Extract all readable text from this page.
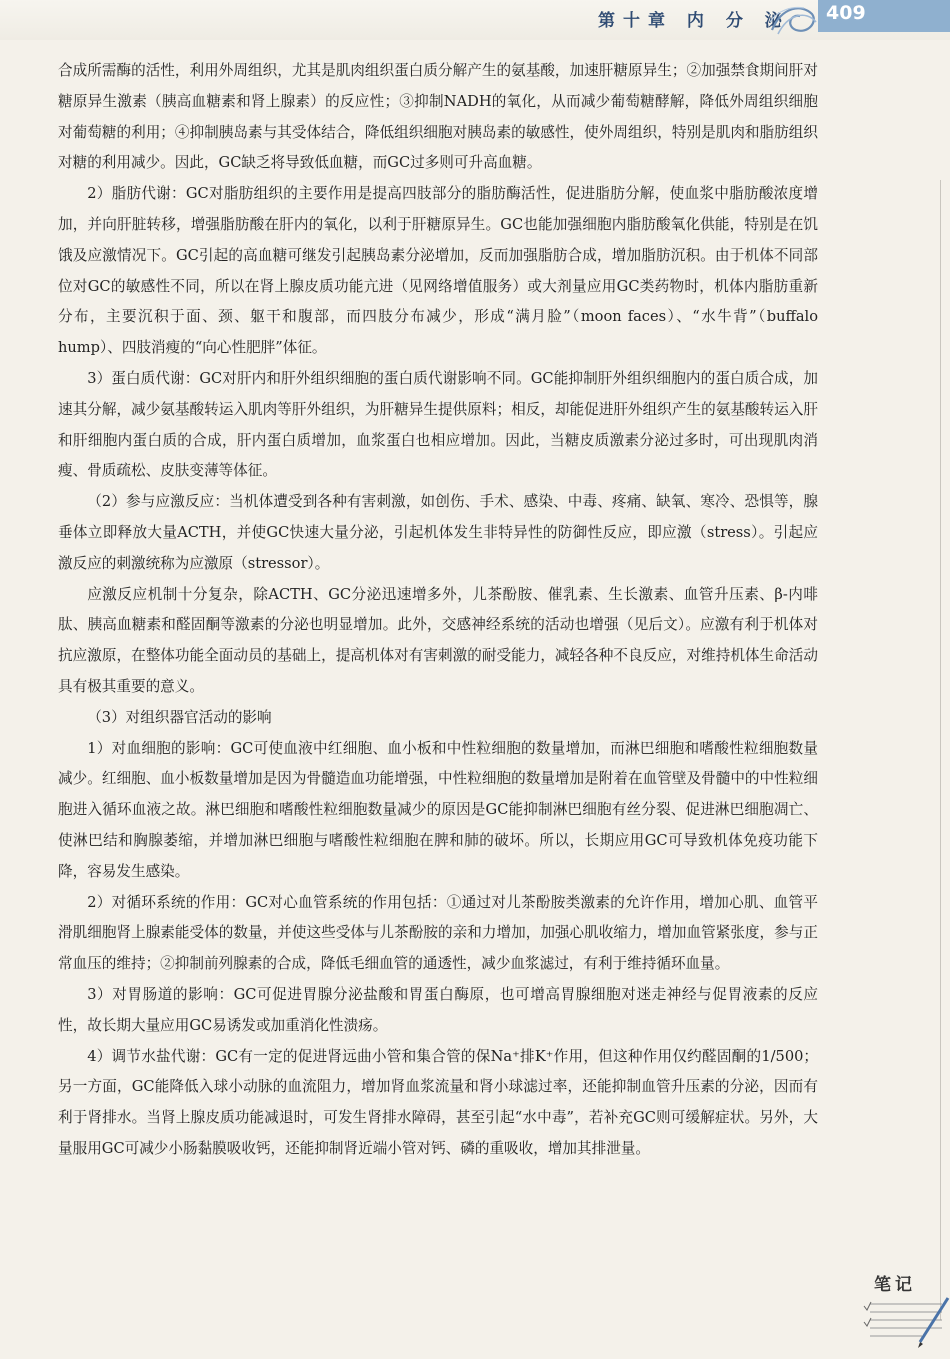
第十章 内 分 泌 409

合成所需酶的活性，利用外周组织，尤其是肌肉组织蛋白质分解产生的氨基酸，加速肝糖原异生；②加强禁食期间肝对糖原异生激素（胰高血糖素和肾上腺素）的反应性；③抑制NADH的氧化，从而减少葡萄糖酵解，降低外周组织细胞对葡萄糖的利用；④抑制胰岛素与其受体结合，降低组织细胞对胰岛素的敏感性，使外周组织，特别是肌肉和脂肪组织对糖的利用减少。因此，GC缺乏将导致低血糖，而GC过多则可升高血糖。

2）脂肪代谢：GC对脂肪组织的主要作用是提高四肢部分的脂肪酶活性，促进脂肪分解，使血浆中脂肪酸浓度增加，并向肝脏转移，增强脂肪酸在肝内的氧化，以利于肝糖原异生。GC也能加强细胞内脂肪酸氧化供能，特别是在饥饿及应激情况下。GC引起的高血糖可继发引起胰岛素分泌增加，反而加强脂肪合成，增加脂肪沉积。由于机体不同部位对GC的敏感性不同，所以在肾上腺皮质功能亢进（见网络增值服务）或大剂量应用GC类药物时，机体内脂肪重新分布，主要沉积于面、颈、躯干和腹部，而四肢分布减少，形成“满月脸”（moon faces）、“水牛背”（buffalo hump）、四肢消瘦的“向心性肥胖”体征。

3）蛋白质代谢：GC对肝内和肝外组织细胞的蛋白质代谢影响不同。GC能抑制肝外组织细胞内的蛋白质合成，加速其分解，减少氨基酸转运入肌肉等肝外组织，为肝糖异生提供原料；相反，却能促进肝外组织产生的氨基酸转运入肝和肝细胞内蛋白质的合成，肝内蛋白质增加，血浆蛋白也相应增加。因此，当糖皮质激素分泌过多时，可出现肌肉消瘦、骨质疏松、皮肤变薄等体征。

（2）参与应激反应：当机体遭受到各种有害刺激，如创伤、手术、感染、中毒、疼痛、缺氧、寒冷、恐惧等，腺垂体立即释放大量ACTH，并使GC快速大量分泌，引起机体发生非特异性的防御性反应，即应激（stress）。引起应激反应的刺激统称为应激原（stressor）。

应激反应机制十分复杂，除ACTH、GC分泌迅速增多外，儿茶酚胺、催乳素、生长激素、血管升压素、β-内啡肽、胰高血糖素和醛固酮等激素的分泌也明显增加。此外，交感神经系统的活动也增强（见后文）。应激有利于机体对抗应激原，在整体功能全面动员的基础上，提高机体对有害刺激的耐受能力，减轻各种不良反应，对维持机体生命活动具有极其重要的意义。

（3）对组织器官活动的影响

1）对血细胞的影响：GC可使血液中红细胞、血小板和中性粒细胞的数量增加，而淋巴细胞和嗜酸性粒细胞数量减少。红细胞、血小板数量增加是因为骨髓造血功能增强，中性粒细胞的数量增加是附着在血管壁及骨髓中的中性粒细胞进入循环血液之故。淋巴细胞和嗜酸性粒细胞数量减少的原因是GC能抑制淋巴细胞有丝分裂、促进淋巴细胞凋亡、使淋巴结和胸腺萎缩，并增加淋巴细胞与嗜酸性粒细胞在脾和肺的破坏。所以，长期应用GC可导致机体免疫功能下降，容易发生感染。

2）对循环系统的作用：GC对心血管系统的作用包括：①通过对儿茶酚胺类激素的允许作用，增加心肌、血管平滑肌细胞肾上腺素能受体的数量，并使这些受体与儿茶酚胺的亲和力增加，加强心肌收缩力，增加血管紧张度，参与正常血压的维持；②抑制前列腺素的合成，降低毛细血管的通透性，减少血浆滤过，有利于维持循环血量。

3）对胃肠道的影响：GC可促进胃腺分泌盐酸和胃蛋白酶原，也可增高胃腺细胞对迷走神经与促胃液素的反应性，故长期大量应用GC易诱发或加重消化性溃疡。

4）调节水盐代谢：GC有一定的促进肾远曲小管和集合管的保Na⁺排K⁺作用，但这种作用仅约醛固酮的1/500；另一方面，GC能降低入球小动脉的血流阻力，增加肾血浆流量和肾小球滤过率，还能抑制血管升压素的分泌，因而有利于肾排水。当肾上腺皮质功能减退时，可发生肾排水障碍，甚至引起“水中毒”，若补充GC则可缓解症状。另外，大量服用GC可减少小肠黏膜吸收钙，还能抑制肾近端小管对钙、磷的重吸收，增加其排泄量。

笔记
